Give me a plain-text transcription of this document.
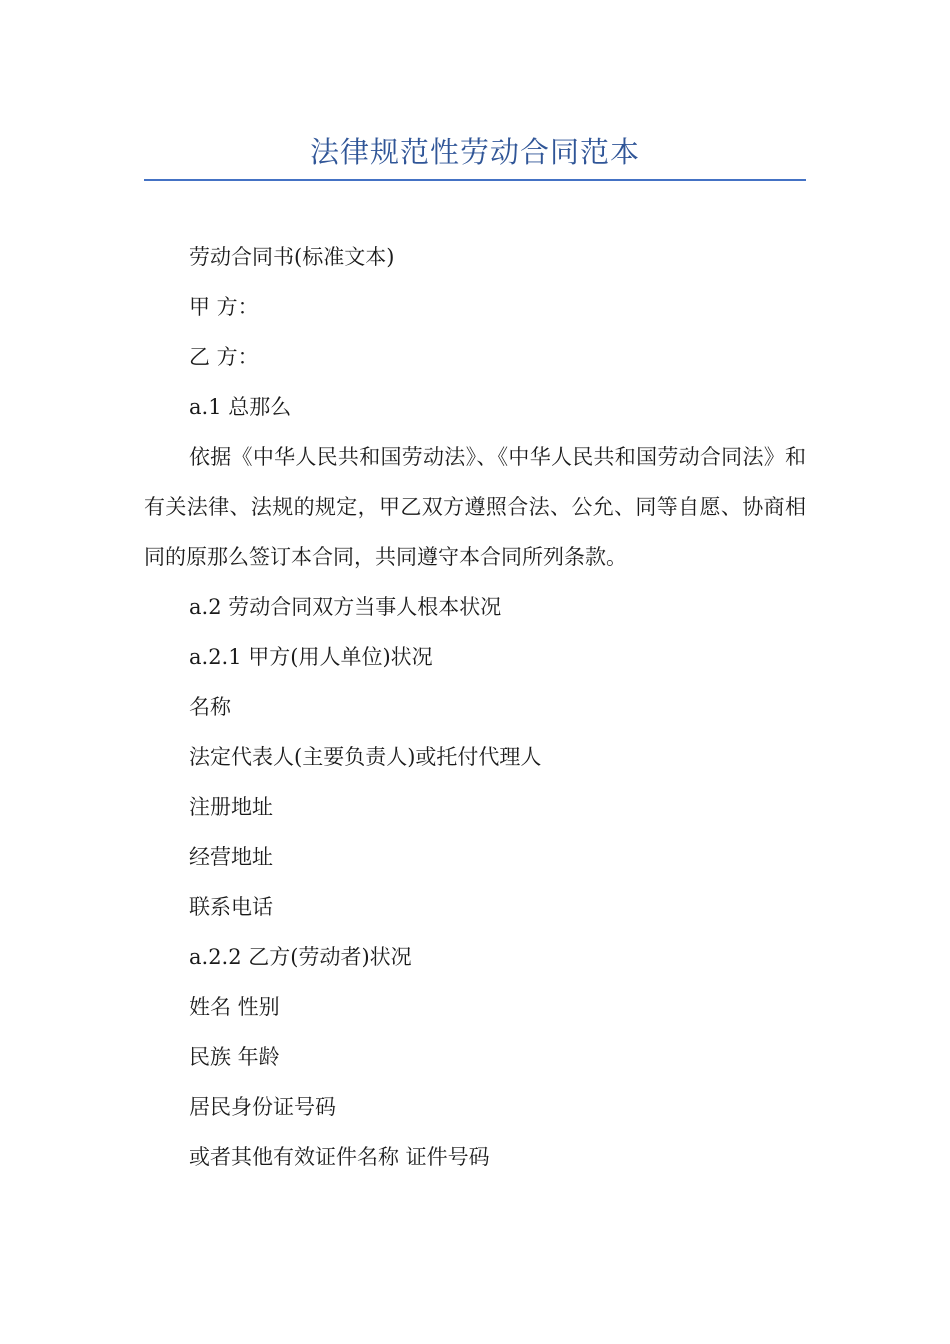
法律规范性劳动合同范本

劳动合同书(标准文本)

甲 方：

乙 方：

a.1 总那么

依据《中华人民共和国劳动法》、《中华人民共和国劳动合同法》和有关法律、法规的规定，甲乙双方遵照合法、公允、同等自愿、协商相同的原那么签订本合同，共同遵守本合同所列条款。

a.2 劳动合同双方当事人根本状况

a.2.1 甲方(用人单位)状况

名称

法定代表人(主要负责人)或托付代理人

注册地址

经营地址

联系电话

a.2.2 乙方(劳动者)状况

姓名 性别

民族 年龄

居民身份证号码

或者其他有效证件名称 证件号码
